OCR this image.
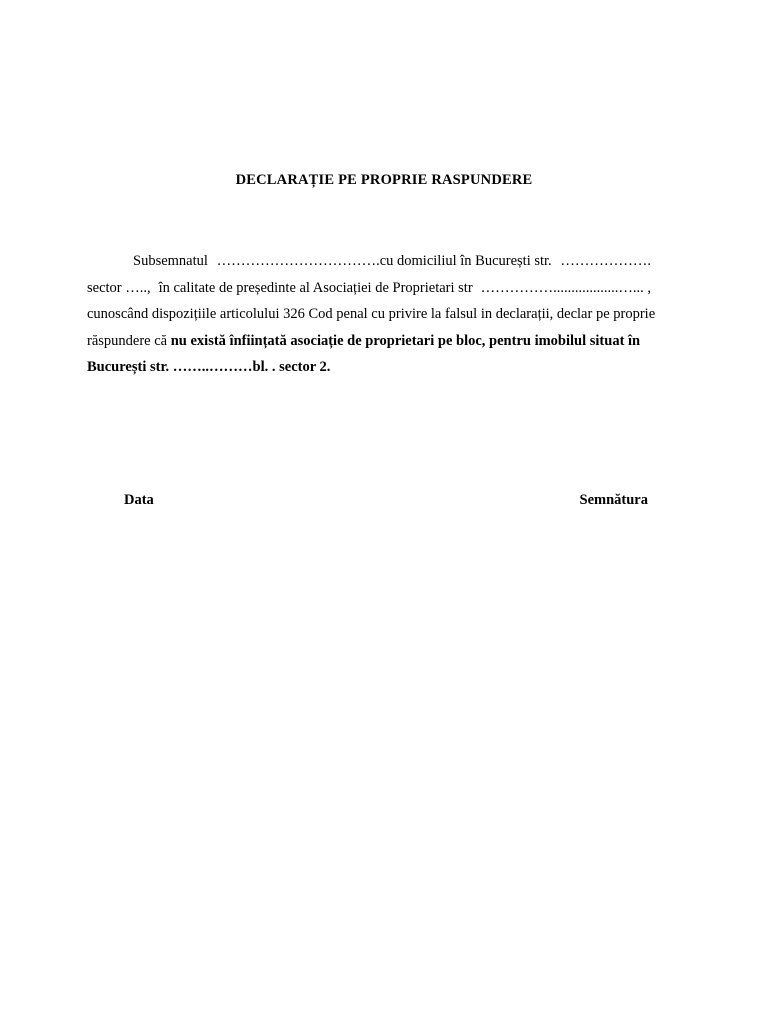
DECLARAȚIE PE PROPRIE RASPUNDERE
Subsemnatul …………………………….cu domiciliul în București str. ……………….
sector ….., în calitate de președinte al Asociației de Proprietari str ……………..................…... ,
cunoscând dispozițiile articolului 326 Cod penal cu privire la falsul in declarații, declar pe proprie
răspundere că nu există înființată asociație de proprietari pe bloc, pentru imobilul situat în
București str. ……..………bl. . sector 2.
Data	Semnătura
